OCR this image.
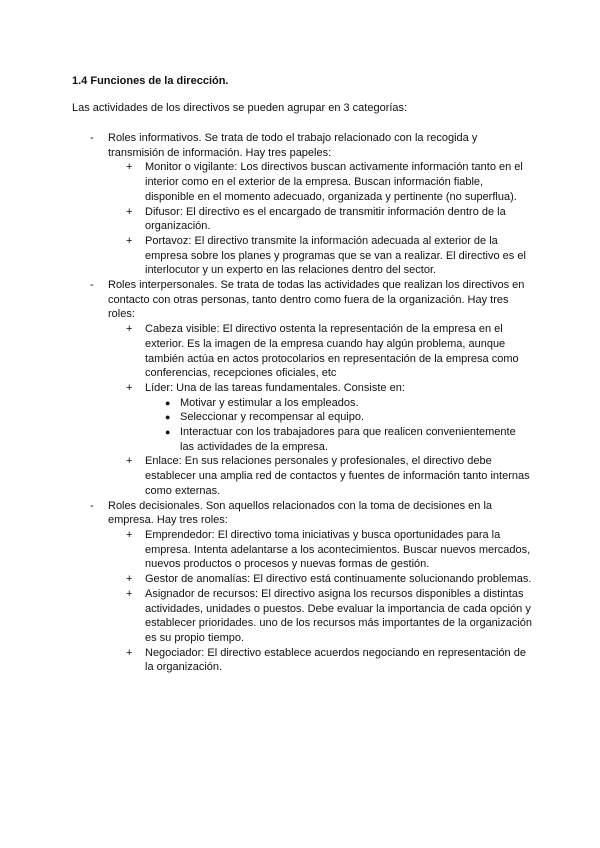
1.4 Funciones de la dirección.
Las actividades de los directivos se pueden agrupar en 3 categorías:
- Roles informativos. Se trata de todo el trabajo relacionado con la recogida y transmisión de información. Hay tres papeles:
+ Monitor o vigilante: Los directivos buscan activamente información tanto en el interior como en el exterior de la empresa. Buscan información fiable, disponible en el momento adecuado, organizada y pertinente (no superflua).
+ Difusor: El directivo es el encargado de transmitir información dentro de la organización.
+ Portavoz: El directivo transmite la información adecuada al exterior de la empresa sobre los planes y programas que se van a realizar. El directivo es el interlocutor y un experto en las relaciones dentro del sector.
- Roles interpersonales. Se trata de todas las actividades que realizan los directivos en contacto con otras personas, tanto dentro como fuera de la organización. Hay tres roles:
+ Cabeza visible: El directivo ostenta la representación de la empresa en el exterior. Es la imagen de la empresa cuando hay algún problema, aunque también actúa en actos protocolarios en representación de la empresa como conferencias, recepciones oficiales, etc
+ Líder: Una de las tareas fundamentales. Consiste en:
● Motivar y estimular a los empleados.
● Seleccionar y recompensar al equipo.
● Interactuar con los trabajadores para que realicen convenientemente las actividades de la empresa.
+ Enlace: En sus relaciones personales y profesionales, el directivo debe establecer una amplia red de contactos y fuentes de información tanto internas como externas.
- Roles decisionales. Son aquellos relacionados con la toma de decisiones en la empresa. Hay tres roles:
+ Emprendedor: El directivo toma iniciativas y busca oportunidades para la empresa. Intenta adelantarse a los acontecimientos. Buscar nuevos mercados, nuevos productos o procesos y nuevas formas de gestión.
+ Gestor de anomalías: El directivo está continuamente solucionando problemas.
+ Asignador de recursos: El directivo asigna los recursos disponibles a distintas actividades, unidades o puestos. Debe evaluar la importancia de cada opción y establecer prioridades. uno de los recursos más importantes de la organización es su propio tiempo.
+ Negociador: El directivo establece acuerdos negociando en representación de la organización.
